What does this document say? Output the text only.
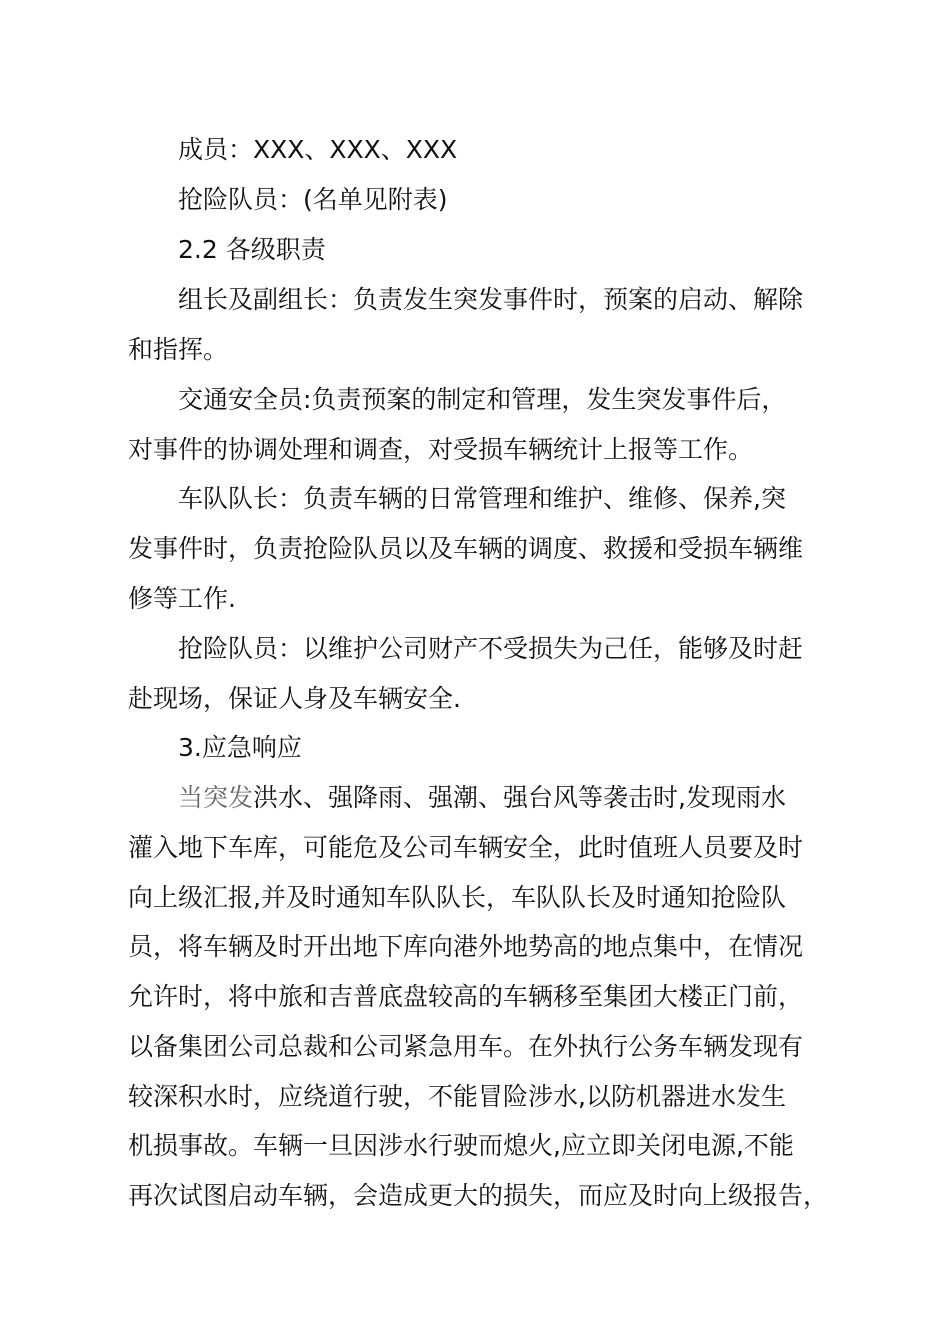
成员：XXX、XXX、XXX
抢险队员：(名单见附表)
2.2 各级职责
组长及副组长：负责发生突发事件时，预案的启动、解除
和指挥。
交通安全员:负责预案的制定和管理，发生突发事件后，
对事件的协调处理和调查，对受损车辆统计上报等工作。
车队队长：负责车辆的日常管理和维护、维修、保养,突
发事件时，负责抢险队员以及车辆的调度、救援和受损车辆维
修等工作.
抢险队员：以维护公司财产不受损失为己任，能够及时赶
赴现场，保证人身及车辆安全.
3.应急响应
当突发洪水、强降雨、强潮、强台风等袭击时,发现雨水
灌入地下车库，可能危及公司车辆安全，此时值班人员要及时
向上级汇报,并及时通知车队队长，车队队长及时通知抢险队
员，将车辆及时开出地下库向港外地势高的地点集中，在情况
允许时，将中旅和吉普底盘较高的车辆移至集团大楼正门前，
以备集团公司总裁和公司紧急用车。在外执行公务车辆发现有
较深积水时，应绕道行驶，不能冒险涉水,以防机器进水发生
机损事故。车辆一旦因涉水行驶而熄火,应立即关闭电源,不能
再次试图启动车辆，会造成更大的损失，而应及时向上级报告，
